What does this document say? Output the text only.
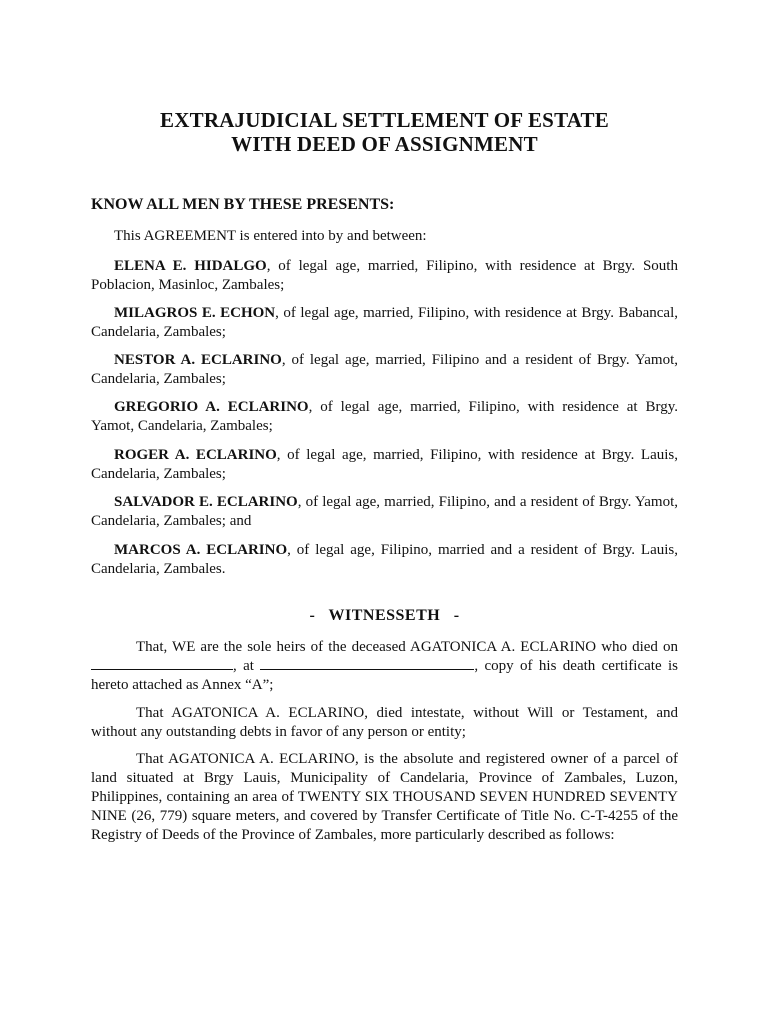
EXTRAJUDICIAL SETTLEMENT OF ESTATE
WITH DEED OF ASSIGNMENT
KNOW ALL MEN BY THESE PRESENTS:
This AGREEMENT is entered into by and between:

ELENA E. HIDALGO, of legal age, married, Filipino, with residence at Brgy. South Poblacion, Masinloc, Zambales;

MILAGROS E. ECHON, of legal age, married, Filipino, with residence at Brgy. Babancal, Candelaria, Zambales;

NESTOR A. ECLARINO, of legal age, married, Filipino and a resident of Brgy. Yamot, Candelaria, Zambales;

GREGORIO A. ECLARINO, of legal age, married, Filipino, with residence at Brgy. Yamot, Candelaria, Zambales;

ROGER A. ECLARINO, of legal age, married, Filipino, with residence at Brgy. Lauis, Candelaria, Zambales;

SALVADOR E. ECLARINO, of legal age, married, Filipino, and a resident of Brgy. Yamot, Candelaria, Zambales; and

MARCOS A. ECLARINO, of legal age, Filipino, married and a resident of Brgy. Lauis, Candelaria, Zambales.

-   WITNESSETH   -

That, WE are the sole heirs of the deceased AGATONICA A. ECLARINO who died on , at	, copy of his death certificate is hereto attached as Annex “A”;

That AGATONICA A. ECLARINO, died intestate, without Will or Testament, and without any outstanding debts in favor of any person or entity;

That AGATONICA A. ECLARINO, is the absolute and registered owner of a parcel of land situated at Brgy Lauis, Municipality of Candelaria, Province of Zambales, Luzon, Philippines, containing an area of TWENTY SIX THOUSAND SEVEN HUNDRED SEVENTY NINE (26, 779) square meters, and covered by Transfer Certificate of Title No. C-T-4255 of the Registry of Deeds of the Province of Zambales, more particularly described as follows:
